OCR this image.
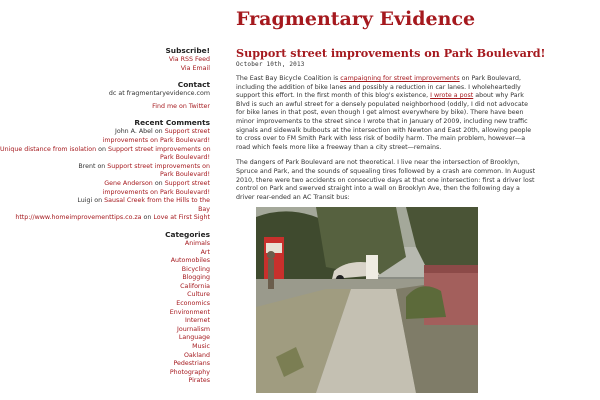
Fragmentary Evidence
Subscribe!
Via RSS Feed
Via Email
Contact
dc at fragmentaryevidence.com
Find me on Twitter
Recent Comments
John A. Abel on Support street
improvements on Park Boulevard!
Unique distance from isolation on Support street improvements on
Park Boulevard!
Brent on Support street improvements on
Park Boulevard!
Gene Anderson on Support street
improvements on Park Boulevard!
Luigi on Sausal Creek from the Hills to the
Bay
http://www.homeimprovementtips.co.za on Love at First Sight
Categories
Animals
Art
Automobiles
Bicycling
Blogging
California
Culture
Economics
Environment
Internet
Journalism
Language
Music
Oakland
Pedestrians
Photography
Pirates
Support street improvements on Park Boulevard!
October 10th, 2013

The East Bay Bicycle Coalition is campaigning for street improvements on Park Boulevard, including the addition of bike lanes and possibly a reduction in car lanes. I wholeheartedly support this effort. In the first month of this blog's existence, I wrote a post about why Park Blvd is such an awful street for a densely populated neighborhood (oddly, I did not advocate for bike lanes in that post, even though I get almost everywhere by bike). There have been minor improvements to the street since I wrote that in January of 2009, including new traffic signals and sidewalk bulbouts at the intersection with Newton and East 20th, allowing people to cross over to FM Smith Park with less risk of bodily harm. The main problem, however—a road which feels more like a freeway than a city street—remains.

The dangers of Park Boulevard are not theoretical. I live near the intersection of Brooklyn, Spruce and Park, and the sounds of squealing tires followed by a crash are common. In August 2010, there were two accidents on consecutive days at that one intersection: first a driver lost control on Park and swerved straight into a wall on Brooklyn Ave, then the following day a driver rear-ended an AC Transit bus:
